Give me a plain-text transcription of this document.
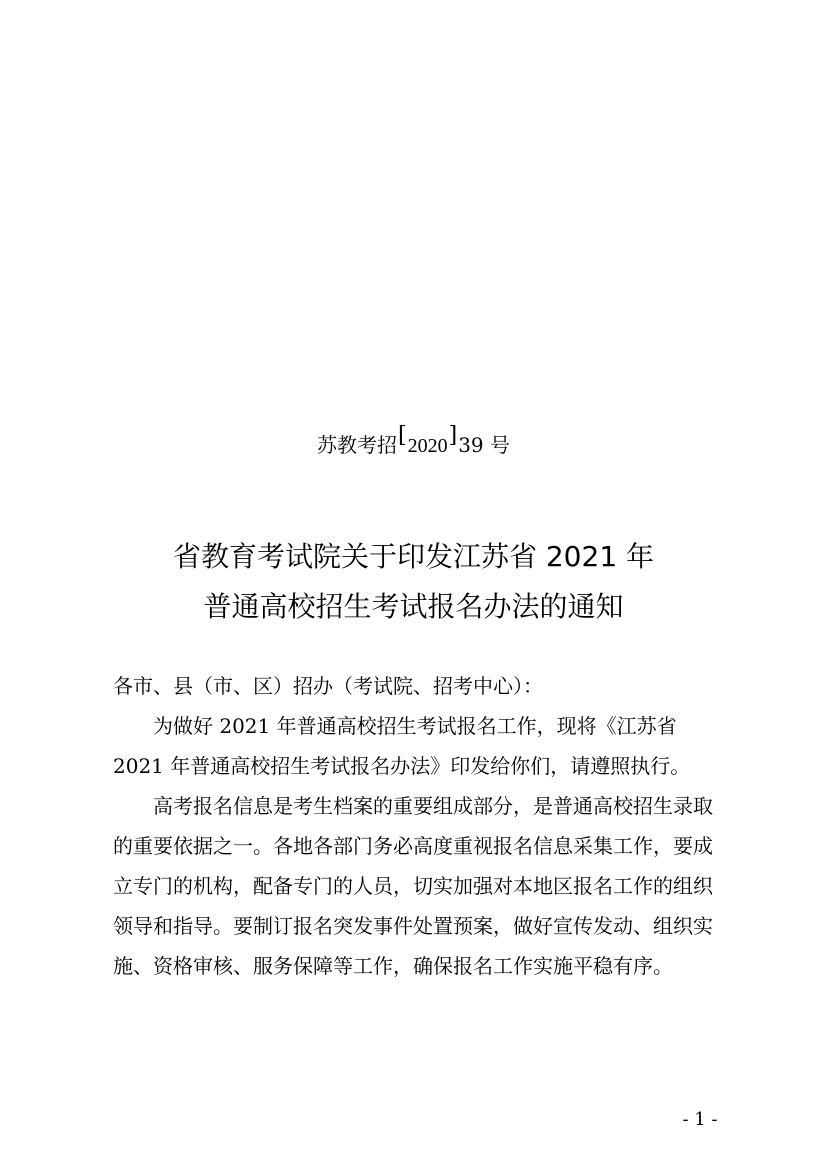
苏教考招[2020]39 号
省教育考试院关于印发江苏省 2021 年
普通高校招生考试报名办法的通知

各市、县（市、区）招办（考试院、招考中心）：

为做好 2021 年普通高校招生考试报名工作，现将《江苏省 2021 年普通高校招生考试报名办法》印发给你们，请遵照执行。

高考报名信息是考生档案的重要组成部分，是普通高校招生录取的重要依据之一。各地各部门务必高度重视报名信息采集工作，要成立专门的机构，配备专门的人员，切实加强对本地区报名工作的组织领导和指导。要制订报名突发事件处置预案，做好宣传发动、组织实施、资格审核、服务保障等工作，确保报名工作实施平稳有序。

- 1 -
